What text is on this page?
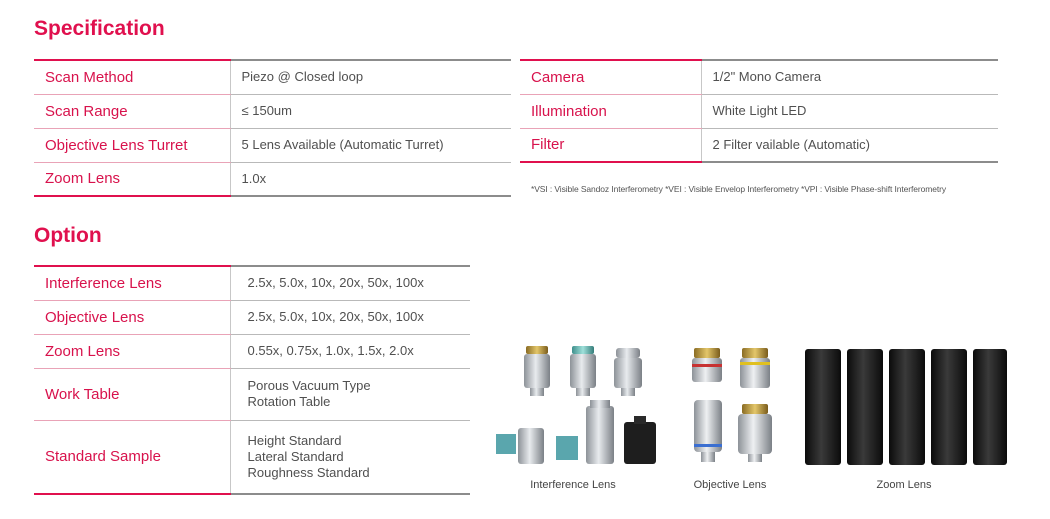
Specification
Scan Method	Piezo @ Closed loop
Scan Range	≤ 150um
Objective Lens Turret	5 Lens Available (Automatic Turret)
Zoom Lens	1.0x
Camera	1/2" Mono Camera
Illumination	White Light LED
Filter	2 Filter vailable (Automatic)
*VSI : Visible Sandoz Interferometry *VEI : Visible Envelop Interferometry *VPI : Visible Phase-shift Interferometry
Option
Interference Lens	2.5x, 5.0x, 10x, 20x, 50x, 100x

Objective Lens	2.5x, 5.0x, 10x, 20x, 50x, 100x

Zoom Lens	0.55x, 0.75x, 1.0x, 1.5x, 2.0x

Work Table	Porous Vacuum Type
Rotation Table

Standard Sample	Height Standard
Lateral Standard
Roughness Standard
Interference Lens	Objective Lens	Zoom Lens
